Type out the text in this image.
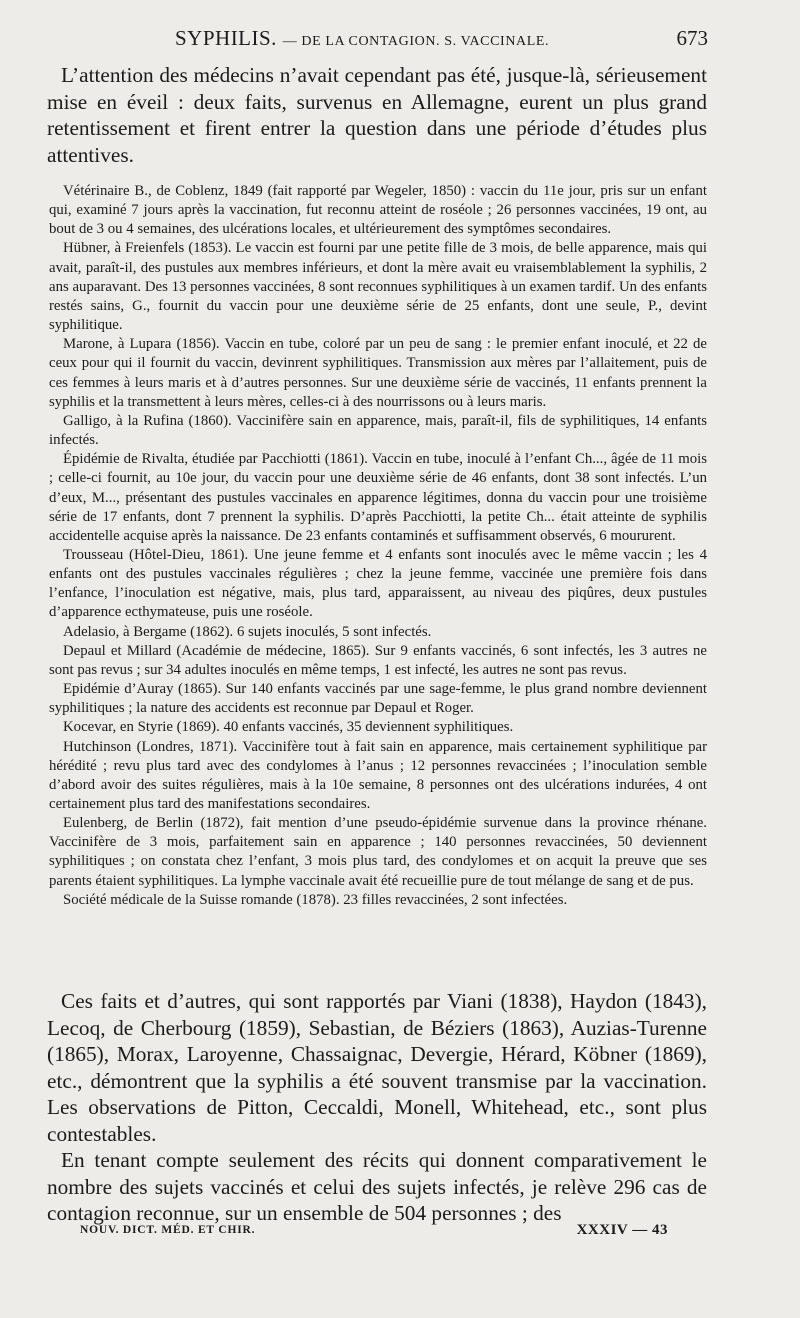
SYPHILIS. — DE LA CONTAGION. S. VACCINALE.	673
L’attention des médecins n’avait cependant pas été, jusque-là, sérieusement mise en éveil : deux faits, survenus en Allemagne, eurent un plus grand retentissement et firent entrer la question dans une période d’études plus attentives.

Vétérinaire B., de Coblenz, 1849 (fait rapporté par Wegeler, 1850) : vaccin du 11e jour, pris sur un enfant qui, examiné 7 jours après la vaccination, fut reconnu atteint de roséole ; 26 personnes vaccinées, 19 ont, au bout de 3 ou 4 semaines, des ulcérations locales, et ultérieurement des symptômes secondaires.

Hübner, à Freienfels (1853). Le vaccin est fourni par une petite fille de 3 mois, de belle apparence, mais qui avait, paraît-il, des pustules aux membres inférieurs, et dont la mère avait eu vraisemblablement la syphilis, 2 ans auparavant. Des 13 personnes vaccinées, 8 sont reconnues syphilitiques à un examen tardif. Un des enfants restés sains, G., fournit du vaccin pour une deuxième série de 25 enfants, dont une seule, P., devint syphilitique.

Marone, à Lupara (1856). Vaccin en tube, coloré par un peu de sang : le premier enfant inoculé, et 22 de ceux pour qui il fournit du vaccin, devinrent syphilitiques. Transmission aux mères par l’allaitement, puis de ces femmes à leurs maris et à d’autres personnes. Sur une deuxième série de vaccinés, 11 enfants prennent la syphilis et la transmettent à leurs mères, celles-ci à des nourrissons ou à leurs maris.

Galligo, à la Rufina (1860). Vaccinifère sain en apparence, mais, paraît-il, fils de syphilitiques, 14 enfants infectés.

Épidémie de Rivalta, étudiée par Pacchiotti (1861). Vaccin en tube, inoculé à l’enfant Ch..., âgée de 11 mois ; celle-ci fournit, au 10e jour, du vaccin pour une deuxième série de 46 enfants, dont 38 sont infectés. L’un d’eux, M..., présentant des pustules vaccinales en apparence légitimes, donna du vaccin pour une troisième série de 17 enfants, dont 7 prennent la syphilis. D’après Pacchiotti, la petite Ch... était atteinte de syphilis accidentelle acquise après la naissance. De 23 enfants contaminés et suffisamment observés, 6 moururent.

Trousseau (Hôtel-Dieu, 1861). Une jeune femme et 4 enfants sont inoculés avec le même vaccin ; les 4 enfants ont des pustules vaccinales régulières ; chez la jeune femme, vaccinée une première fois dans l’enfance, l’inoculation est négative, mais, plus tard, apparaissent, au niveau des piqûres, deux pustules d’apparence ecthymateuse, puis une roséole.

Adelasio, à Bergame (1862). 6 sujets inoculés, 5 sont infectés.

Depaul et Millard (Académie de médecine, 1865). Sur 9 enfants vaccinés, 6 sont infectés, les 3 autres ne sont pas revus ; sur 34 adultes inoculés en même temps, 1 est infecté, les autres ne sont pas revus.

Epidémie d’Auray (1865). Sur 140 enfants vaccinés par une sage-femme, le plus grand nombre deviennent syphilitiques ; la nature des accidents est reconnue par Depaul et Roger.

Kocevar, en Styrie (1869). 40 enfants vaccinés, 35 deviennent syphilitiques.

Hutchinson (Londres, 1871). Vaccinifère tout à fait sain en apparence, mais certainement syphilitique par hérédité ; revu plus tard avec des condylomes à l’anus ; 12 personnes revaccinées ; l’inoculation semble d’abord avoir des suites régulières, mais à la 10e semaine, 8 personnes ont des ulcérations indurées, 4 ont certainement plus tard des manifestations secondaires.

Eulenberg, de Berlin (1872), fait mention d’une pseudo-épidémie survenue dans la province rhénane. Vaccinifère de 3 mois, parfaitement sain en apparence ; 140 personnes revaccinées, 50 deviennent syphilitiques ; on constata chez l’enfant, 3 mois plus tard, des condylomes et on acquit la preuve que ses parents étaient syphilitiques. La lymphe vaccinale avait été recueillie pure de tout mélange de sang et de pus.

Société médicale de la Suisse romande (1878). 23 filles revaccinées, 2 sont infectées.

Ces faits et d’autres, qui sont rapportés par Viani (1838), Haydon (1843), Lecoq, de Cherbourg (1859), Sebastian, de Béziers (1863), Auzias-Turenne (1865), Morax, Laroyenne, Chassaignac, Devergie, Hérard, Köbner (1869), etc., démontrent que la syphilis a été souvent transmise par la vaccination. Les observations de Pitton, Ceccaldi, Monell, Whitehead, etc., sont plus contestables.

En tenant compte seulement des récits qui donnent comparativement le nombre des sujets vaccinés et celui des sujets infectés, je relève 296 cas de contagion reconnue, sur un ensemble de 504 personnes ; des

NOUV. DICT. MÉD. ET CHIR.	XXXIV — 43
